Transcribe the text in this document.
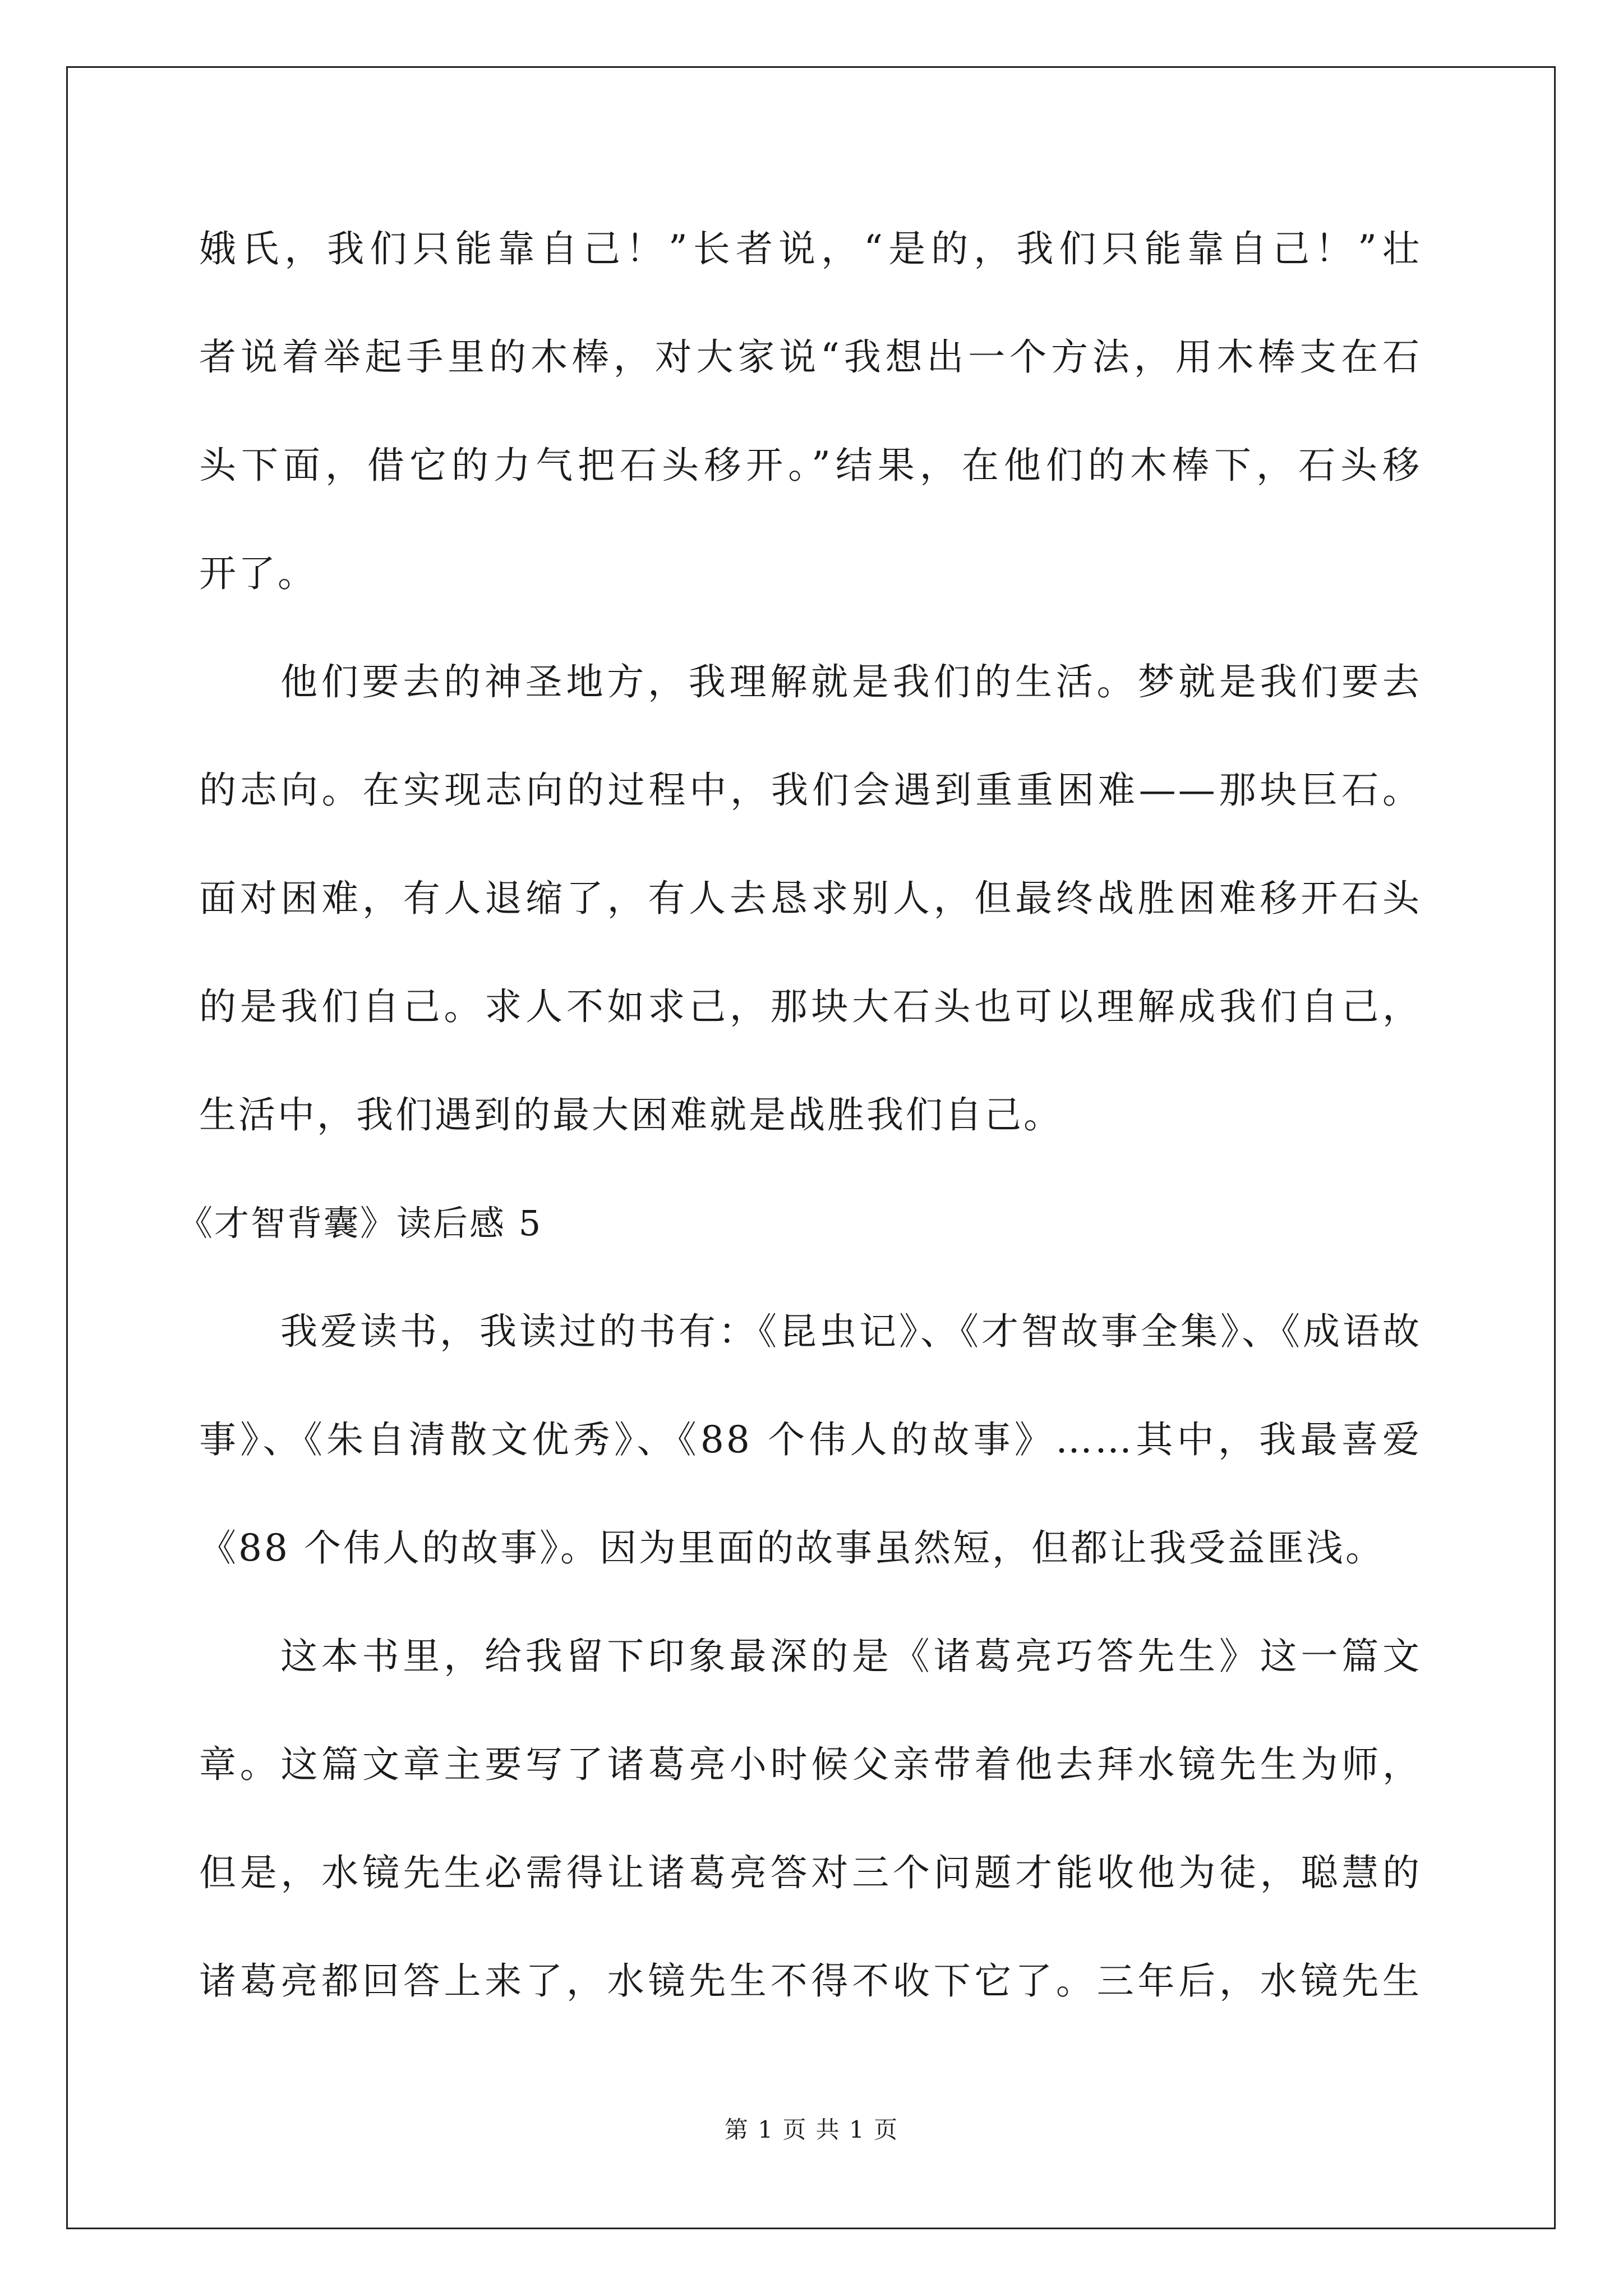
娥氏，我们只能靠自己！”长者说，“是的，我们只能靠自己！”壮
者说着举起手里的木棒，对大家说“我想出一个方法，用木棒支在石
头下面，借它的力气把石头移开。”结果，在他们的木棒下，石头移
开了。
他们要去的神圣地方，我理解就是我们的生活。梦就是我们要去
的志向。在实现志向的过程中，我们会遇到重重困难——那块巨石。
面对困难，有人退缩了，有人去恳求别人，但最终战胜困难移开石头
的是我们自己。求人不如求己，那块大石头也可以理解成我们自己，
生活中，我们遇到的最大困难就是战胜我们自己。
《才智背囊》读后感 5
我爱读书，我读过的书有：《昆虫记》、《才智故事全集》、《成语故
事》、《朱自清散文优秀》、《88 个伟人的故事》……其中，我最喜爱
《88 个伟人的故事》。因为里面的故事虽然短，但都让我受益匪浅。
这本书里，给我留下印象最深的是《诸葛亮巧答先生》这一篇文
章。这篇文章主要写了诸葛亮小时候父亲带着他去拜水镜先生为师，
但是，水镜先生必需得让诸葛亮答对三个问题才能收他为徒，聪慧的
诸葛亮都回答上来了，水镜先生不得不收下它了。三年后，水镜先生
第 1 页 共 1 页
